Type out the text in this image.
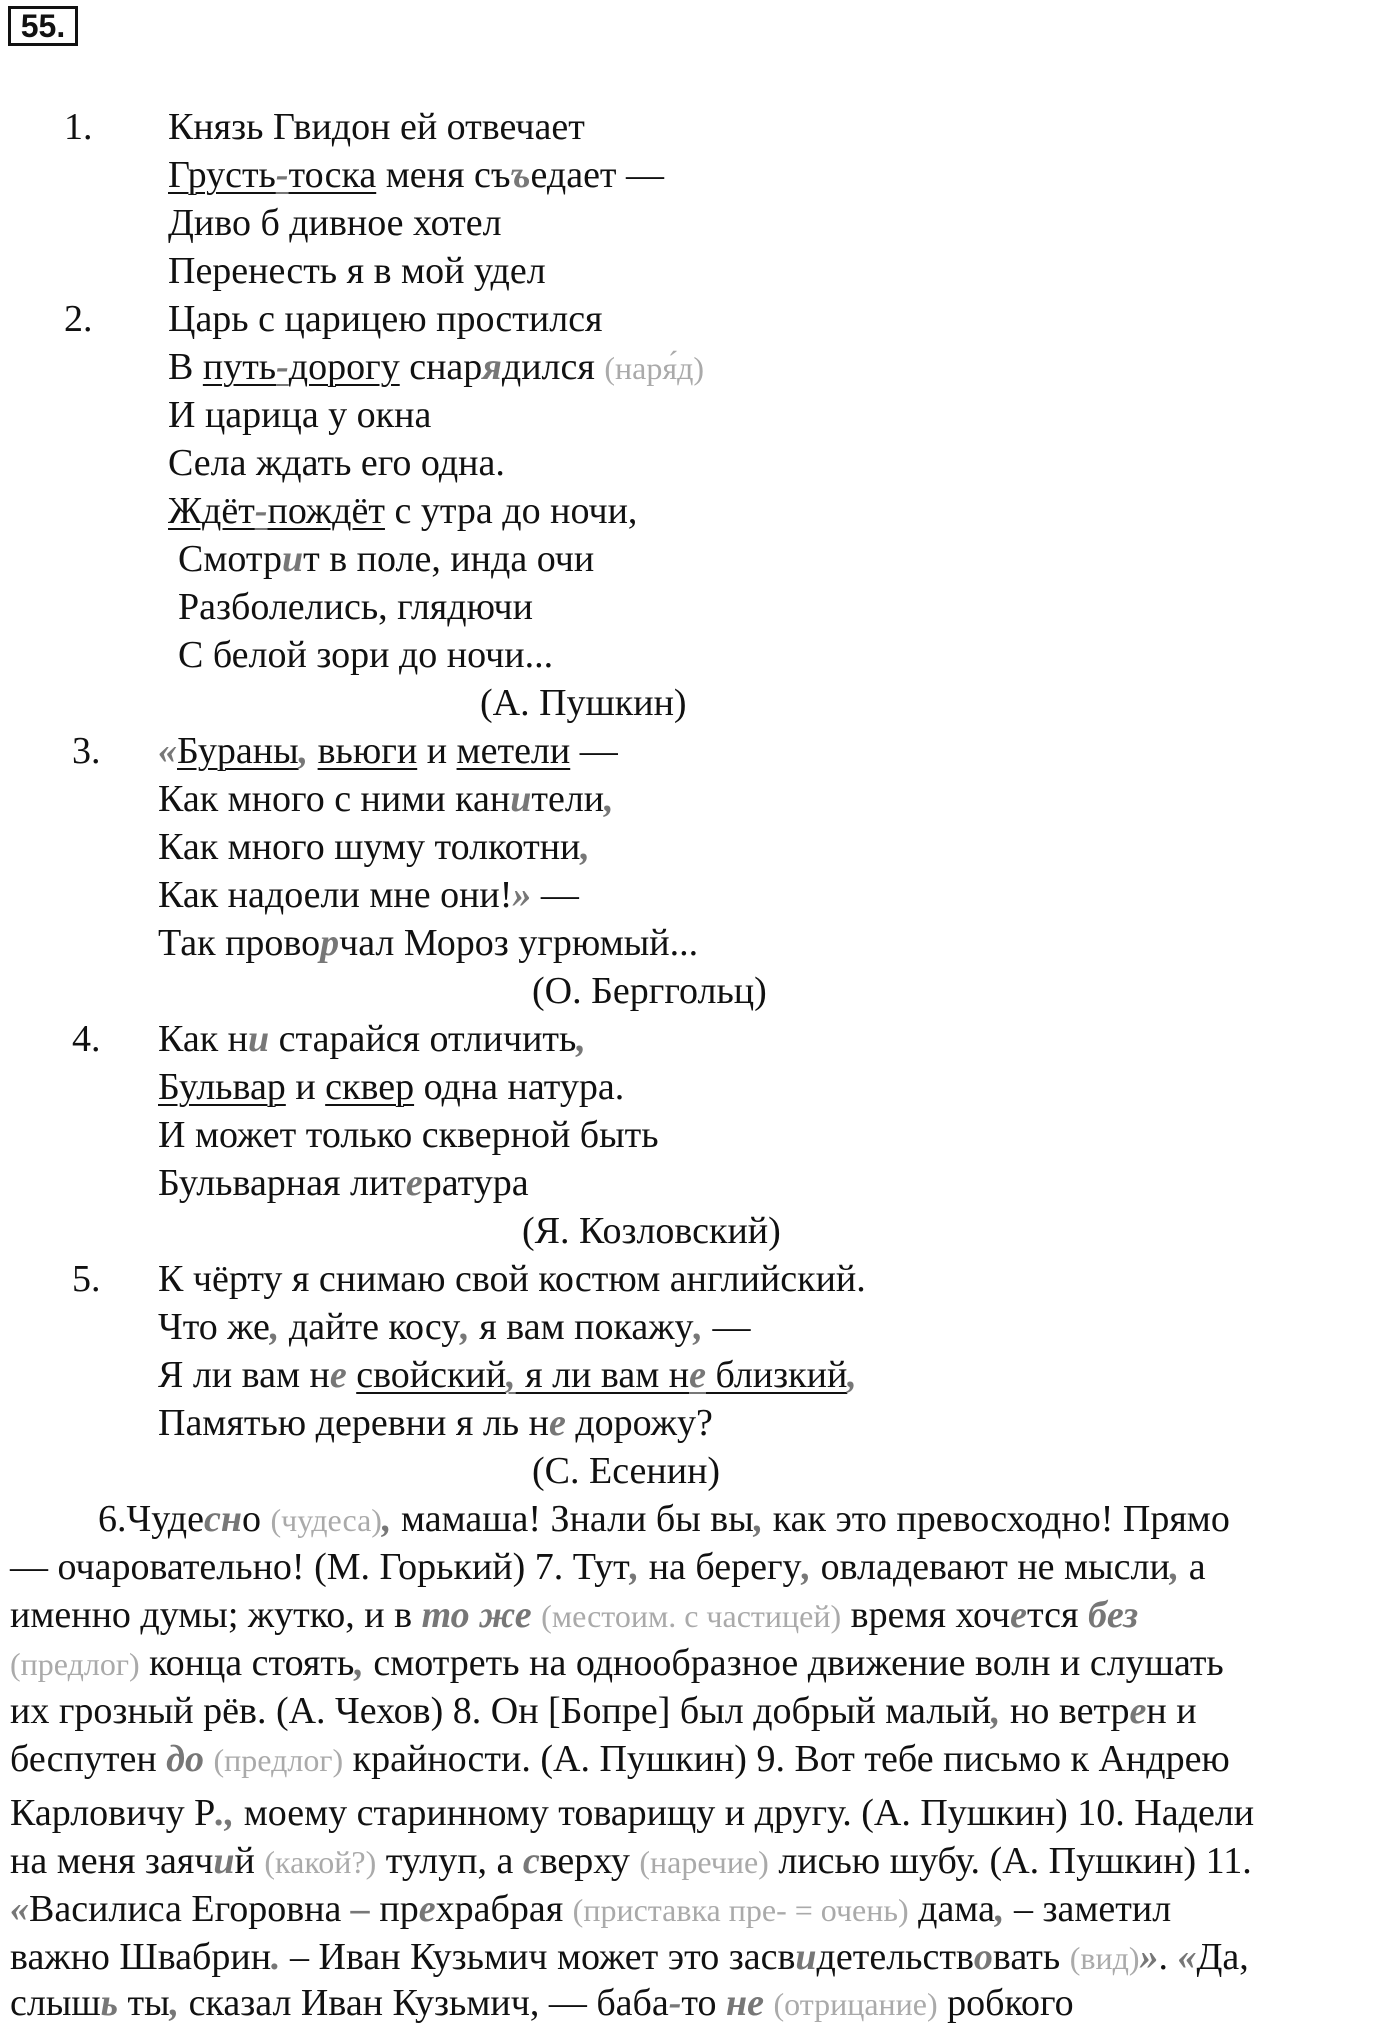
55.
1. Князь Гвидон ей отвечает
Грусть-тоска меня съъедает —
Диво б дивное хотел
Перенесть я в мой удел
2. Царь с царицею простился
В путь-дорогу снарядился (наря́д)
И царица у окна
Села ждать его одна.
Ждёт-пождёт с утра до ночи,
Смотрит в поле, инда очи
Разболелись, глядючи
С белой зори до ночи...
(А. Пушкин)
3. «Бураны, вьюги и метели —
Как много с ними канители,
Как много шуму толкотни,
Как надоели мне они!» —
Так проворчал Мороз угрюмый...
(О. Берггольц)
4. Как ни старайся отличить,
Бульвар и сквер одна натура.
И может только скверной быть
Бульварная литература
(Я. Козловский)
5. К чёрту я снимаю свой костюм английский.
Что же, дайте косу, я вам покажу, —
Я ли вам не свойский, я ли вам не близкий,
Памятью деревни я ль не дорожу?
(С. Есенин)
6.Чудесно (чудеса), мамаша! Знали бы вы, как это превосходно! Прямо
— очаровательно! (М. Горький) 7. Тут, на берегу, овладевают не мысли, а
именно думы; жутко, и в то же (местоим. с частицей) время хочется без
(предлог) конца стоять, смотреть на однообразное движение волн и слушать
их грозный рёв. (А. Чехов) 8. Он [Бопре] был добрый малый, но ветрен и
беспутен до (предлог) крайности. (А. Пушкин) 9. Вот тебе письмо к Андрею
Карловичу Р., моему старинному товарищу и другу. (А. Пушкин) 10. Надели
на меня заячий (какой?) тулуп, а сверху (наречие) лисью шубу. (А. Пушкин) 11.
«Василиса Егоровна – прехрабрая (приставка пре- = очень) дама, – заметил
важно Швабрин. – Иван Кузьмич может это засвидетельствовать (вид)». «Да,
слышь ты, сказал Иван Кузьмич, — баба-то не (отрицание) робкого
